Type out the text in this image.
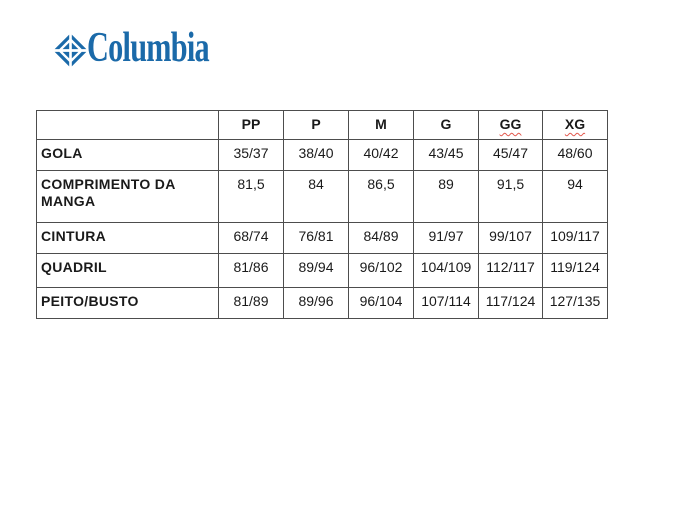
Columbia
	PP	P	M	G	GG	XG
GOLA	35/37	38/40	40/42	43/45	45/47	48/60
COMPRIMENTO DA MANGA	81,5	84	86,5	89	91,5	94
CINTURA	68/74	76/81	84/89	91/97	99/107	109/117
QUADRIL	81/86	89/94	96/102	104/109	112/117	119/124
PEITO/BUSTO	81/89	89/96	96/104	107/114	117/124	127/135
